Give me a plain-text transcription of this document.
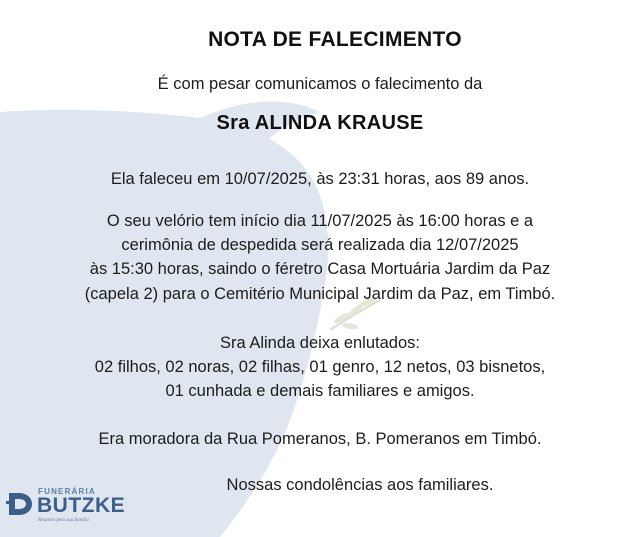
NOTA DE FALECIMENTO
É com pesar comunicamos o falecimento da
Sra ALINDA KRAUSE
Ela faleceu em 10/07/2025, às 23:31 horas, aos 89 anos.
O seu velório tem início dia 11/07/2025 às 16:00 horas e a
cerimônia de despedida será realizada dia 12/07/2025
às 15:30 horas, saindo o féretro Casa Mortuária Jardim da Paz
(capela 2) para o Cemitério Municipal Jardim da Paz, em Timbó.
Sra Alinda deixa enlutados:
02 filhos, 02 noras, 02 filhas, 01 genro, 12 netos, 03 bisnetos,
01 cunhada e demais familiares e amigos.
Era moradora da Rua Pomeranos, B. Pomeranos em Timbó.
Nossas condolências aos familiares.
FUNERÁRIA
BUTZKE
Respeito pela sua família
